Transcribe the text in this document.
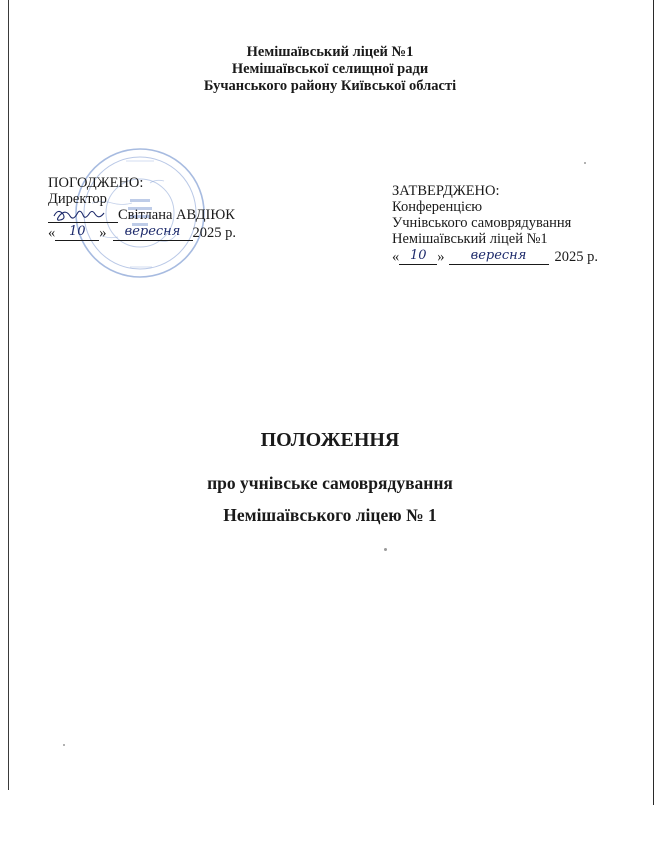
Немішаївський ліцей №1
Немішаївської селищної ради
Бучанського району Київської області
ПОГОДЖЕНО:
Директор
Світлана АВДІЮК
«	10 »	вересня 2025 р.
ЗАТВЕРДЖЕНО:
Конференцією
Учнівського самоврядування
Немішаївський ліцей №1
« 10 »	вересня	2025 р.
ПОЛОЖЕННЯ
про учнівське самоврядування
Немішаївського ліцею № 1
